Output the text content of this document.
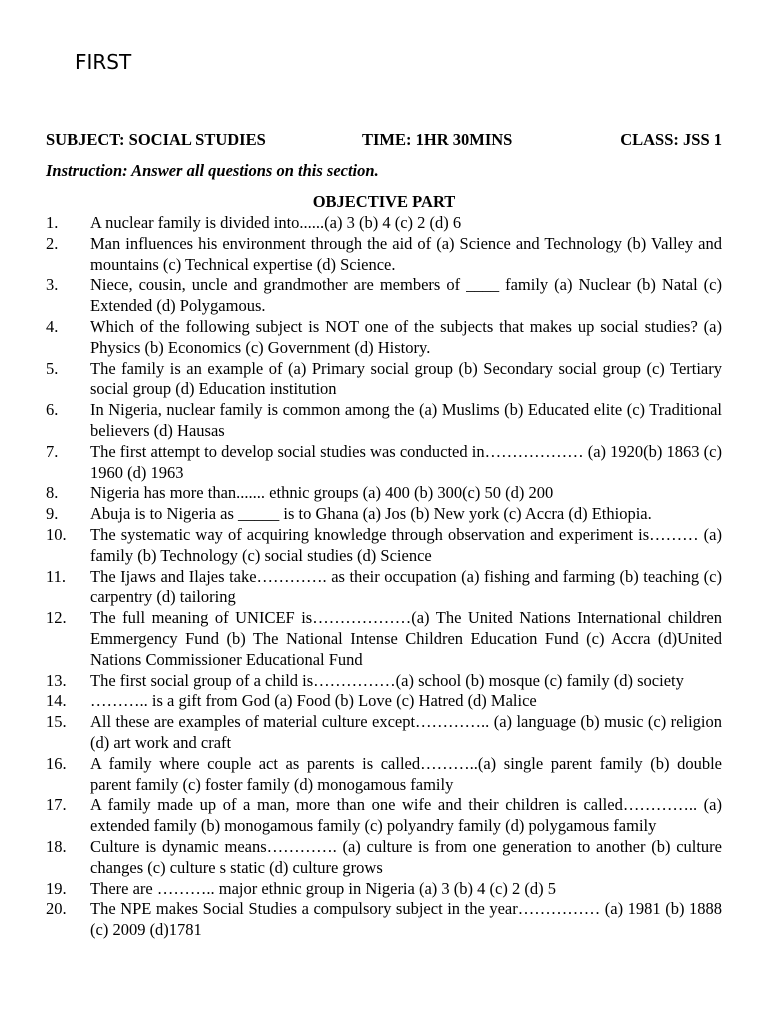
FIRST
SUBJECT: SOCIAL STUDIES	TIME: 1HR 30MINS	CLASS: JSS 1
Instruction: Answer all questions on this section.
OBJECTIVE PART
1.	A nuclear family is divided into......(a) 3 (b) 4 (c) 2 (d) 6
2.	Man influences his environment through the aid of (a) Science and Technology (b) Valley and mountains (c) Technical expertise (d) Science.
3.	Niece, cousin, uncle and grandmother are members of ____ family (a) Nuclear (b) Natal (c) Extended (d) Polygamous.
4.	Which of the following subject is NOT one of the subjects that makes up social studies? (a) Physics (b) Economics (c) Government (d) History.
5.	The family is an example of (a) Primary social group (b) Secondary social group (c) Tertiary social group (d) Education institution
6.	In Nigeria, nuclear family is common among the (a) Muslims (b) Educated elite (c) Traditional believers (d) Hausas
7.	The first attempt to develop social studies was conducted in……………… (a) 1920(b) 1863 (c) 1960 (d) 1963
8.	Nigeria has more than....... ethnic groups (a) 400 (b) 300(c) 50 (d) 200
9.	Abuja is to Nigeria as _____ is to Ghana (a) Jos (b) New york (c) Accra (d) Ethiopia.
10.	The systematic way of acquiring knowledge through observation and experiment is……… (a) family (b) Technology (c) social studies (d) Science
11.	The Ijaws and Ilajes take…………. as their occupation (a) fishing and farming (b) teaching (c) carpentry (d) tailoring
12.	The full meaning of UNICEF is………………(a) The United Nations International children Emmergency Fund (b) The National Intense Children Education Fund (c) Accra (d)United Nations Commissioner Educational Fund
13.	The first social group of a child is……………(a) school (b) mosque (c) family (d) society
14.	……….. is a gift from God (a) Food (b) Love (c) Hatred (d) Malice
15.	All these are examples of material culture except………….. (a) language (b) music (c) religion (d) art work and craft
16.	A family where couple act as parents is called………..(a) single parent family (b) double parent family (c) foster family (d) monogamous family
17.	A family made up of a man, more than one wife and their children is called………….. (a) extended family (b) monogamous family (c) polyandry family (d) polygamous family
18.	Culture is dynamic means…………. (a) culture is from one generation to another (b) culture changes (c) culture s static (d) culture grows
19.	There are ……….. major ethnic group in Nigeria (a) 3 (b) 4 (c) 2 (d) 5
20.	The NPE makes Social Studies a compulsory subject in the year…………… (a) 1981 (b) 1888 (c) 2009 (d)1781
